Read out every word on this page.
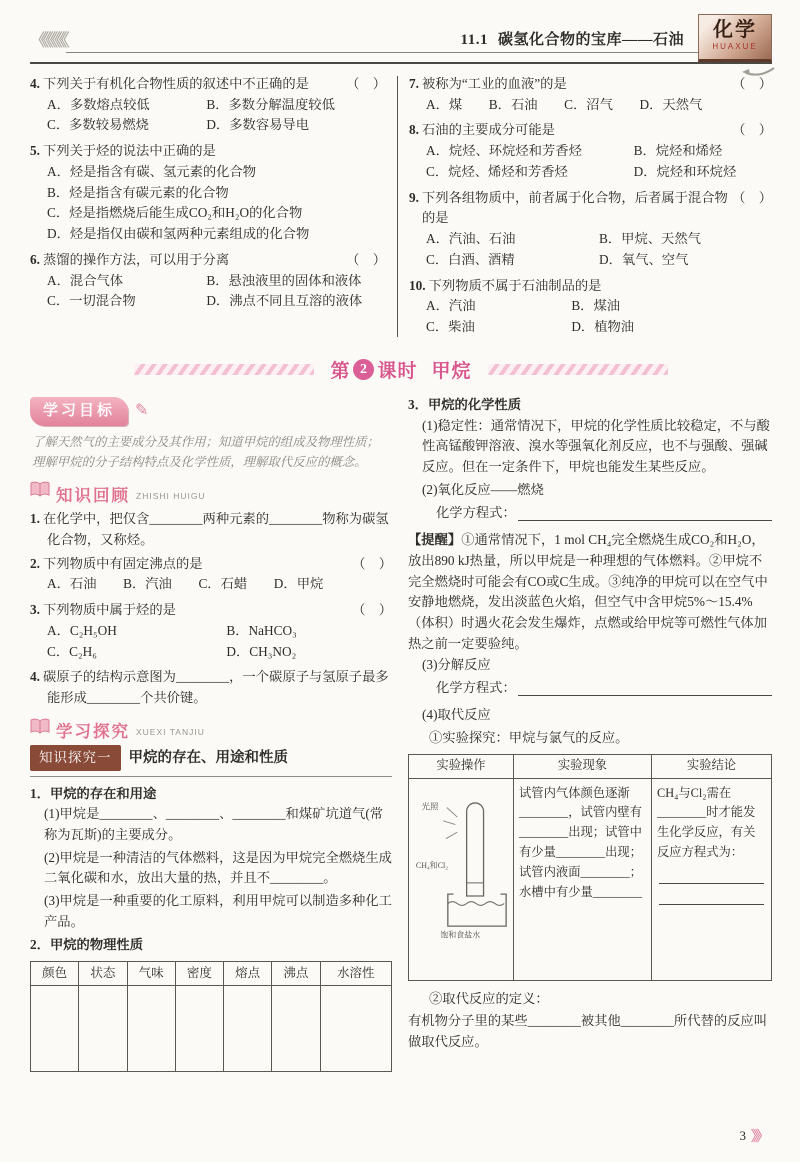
《《《《《《	11.1 碳氢化合物的宝库——石油	化学
HUAXUE
4. 下列关于有机化合物性质的叙述中不正确的是	（　）
A．多数熔点较低	B．多数分解温度较低
C．多数较易燃烧	D．多数容易导电
5. 下列关于烃的说法中正确的是
A．烃是指含有碳、氢元素的化合物
B．烃是指含有碳元素的化合物
C．烃是指燃烧后能生成CO₂和H₂O的化合物
D．烃是指仅由碳和氢两种元素组成的化合物
6. 蒸馏的操作方法，可以用于分离	（　）
A．混合气体	B．悬浊液里的固体和液体
C．一切混合物	D．沸点不同且互溶的液体
7. 被称为“工业的血液”的是	（　）
A．煤　　B．石油　　C．沼气　　D．天然气
8. 石油的主要成分可能是	（　）
A．烷烃、环烷烃和芳香烃	B．烷烃和烯烃
C．烷烃、烯烃和芳香烃	D．烷烃和环烷烃
9. 下列各组物质中，前者属于化合物，后者属于混合物的是
（　）
A．汽油、石油	B．甲烷、天然气
C．白酒、酒精	D．氧气、空气
10. 下列物质不属于石油制品的是
A．汽油	B．煤油
C．柴油	D．植物油
第 2 课时 甲烷
学习目标	✎

了解天然气的主要成分及其作用；知道甲烷的组成及物理性质；理解甲烷的分子结构特点及化学性质，理解取代反应的概念。

知识回顾 ZHISHI HUIGU
1. 在化学中，把仅含________两种元素的________物称为碳氢化合物，又称烃。
2. 下列物质中有固定沸点的是	（　）
A．石油　　B．汽油　　C．石蜡　　D．甲烷
3. 下列物质中属于烃的是	（　）
A．C₂H₅OH	B．NaHCO₃
C．C₂H₆	D．CH₃NO₂
4. 碳原子的结构示意图为________，一个碳原子与氢原子最多能形成________个共价键。
学习探究 XUEXI TANJIU
知识探究一	甲烷的存在、用途和性质
1．甲烷的存在和用途

(1)甲烷是________、________、________和煤矿坑道气(常称为瓦斯)的主要成分。

(2)甲烷是一种清洁的气体燃料，这是因为甲烷完全燃烧生成二氧化碳和水，放出大量的热，并且不________。

(3)甲烷是一种重要的化工原料，利用甲烷可以制造多种化工产品。

2．甲烷的物理性质
颜色	状态	气味	密度	熔点	沸点	水溶性

3．甲烷的化学性质

(1)稳定性：通常情况下，甲烷的化学性质比较稳定，不与酸性高锰酸钾溶液、溴水等强氧化剂反应，也不与强酸、强碱反应。但在一定条件下，甲烷也能发生某些反应。

(2)氧化反应——燃烧
化学方程式：

【提醒】①通常情况下，1 mol CH₄完全燃烧生成CO₂和H₂O，放出890 kJ热量，所以甲烷是一种理想的气体燃料。②甲烷不完全燃烧时可能会有CO或C生成。③纯净的甲烷可以在空气中安静地燃烧，发出淡蓝色火焰，但空气中含甲烷5%～15.4%（体积）时遇火花会发生爆炸，点燃或给甲烷等可燃性气体加热之前一定要验纯。

(3)分解反应
化学方程式：
(4)取代反应
①实验探究：甲烷与氯气的反应。
实验操作	实验现象	实验结论

光照
CH₄和Cl₂
饱和食盐水	试管内气体颜色逐渐________，试管内壁有________出现；试管中有少量________出现；试管内液面________；水槽中有少量________	CH₄与Cl₂需在________时才能发生化学反应，有关反应方程式为：
②取代反应的定义：

有机物分子里的某些________被其他________所代替的反应叫做取代反应。

3 》》
